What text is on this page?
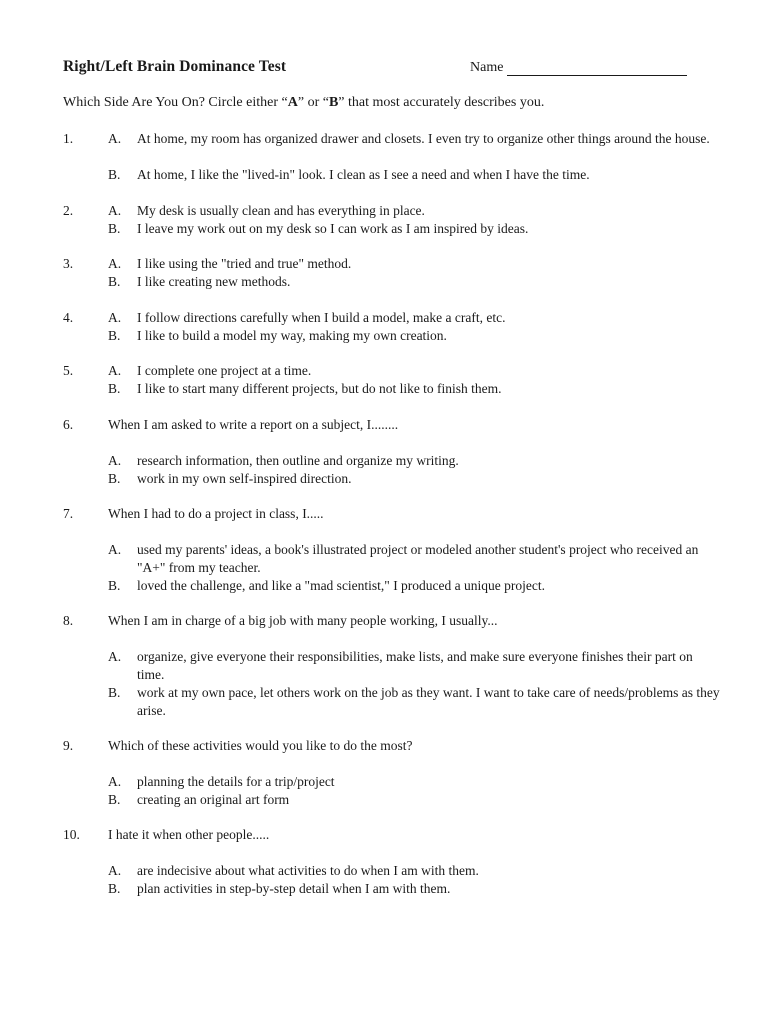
Right/Left Brain Dominance Test	Name
Which Side Are You On? Circle either “A” or “B” that most accurately describes you.
1.	A. At home, my room has organized drawer and closets. I even try to organize other things around the house.
B. At home, I like the "lived-in" look. I clean as I see a need and when I have the time.
2.	A. My desk is usually clean and has everything in place.
B. I leave my work out on my desk so I can work as I am inspired by ideas.
3.	A. I like using the "tried and true" method.
B. I like creating new methods.
4.	A. I follow directions carefully when I build a model, make a craft, etc.
B. I like to build a model my way, making my own creation.
5.	A. I complete one project at a time.
B. I like to start many different projects, but do not like to finish them.
6.	When I am asked to write a report on a subject, I........
A. research information, then outline and organize my writing.
B. work in my own self-inspired direction.
7.	When I had to do a project in class, I.....
A. used my parents' ideas, a book's illustrated project or modeled another student's project who received an "A+" from my teacher.
B. loved the challenge, and like a "mad scientist," I produced a unique project.
8.	When I am in charge of a big job with many people working, I usually...
A. organize, give everyone their responsibilities, make lists, and make sure everyone finishes their part on time.
B. work at my own pace, let others work on the job as they want. I want to take care of needs/problems as they arise.
9.	Which of these activities would you like to do the most?
A. planning the details for a trip/project
B. creating an original art form
10. I hate it when other people.....
A. are indecisive about what activities to do when I am with them.
B. plan activities in step-by-step detail when I am with them.
